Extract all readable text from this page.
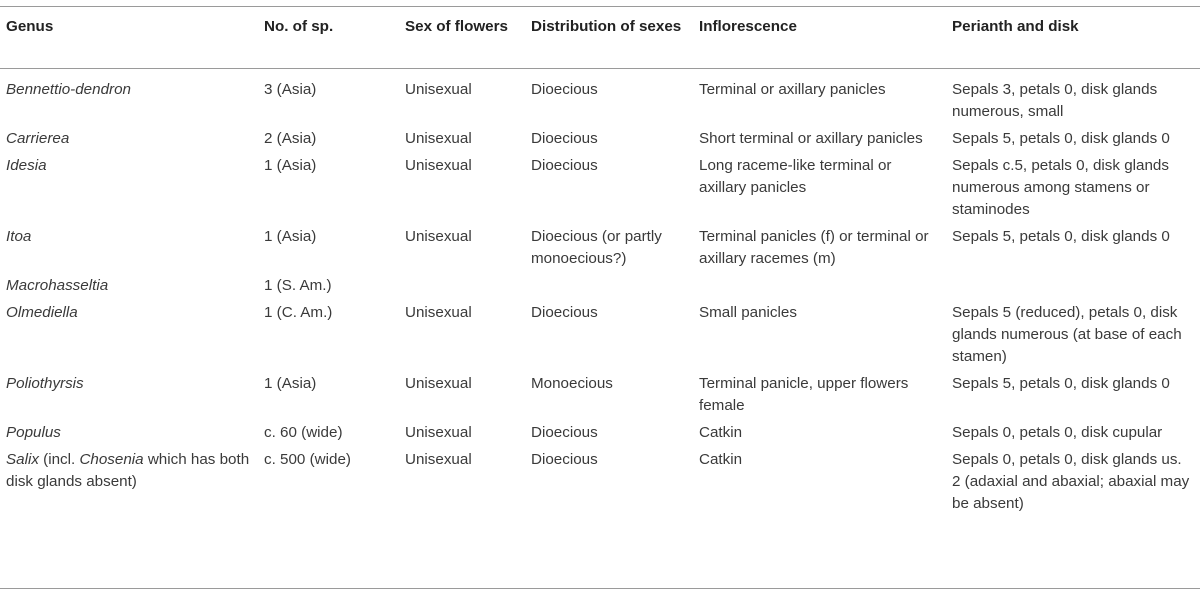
Genus	No. of sp.	Sex of flowers	Distribution of sexes	Inflorescence	Perianth and disk
Bennettio-dendron	3 (Asia)	Unisexual	Dioecious	Terminal or axillary panicles	Sepals 3, petals 0, disk glands numerous, small
Carrierea	2 (Asia)	Unisexual	Dioecious	Short terminal or axillary panicles	Sepals 5, petals 0, disk glands 0
Idesia	1 (Asia)	Unisexual	Dioecious	Long raceme-like terminal or axillary panicles	Sepals c.5, petals 0, disk glands numerous among stamens or staminodes
Itoa	1 (Asia)	Unisexual	Dioecious (or partly monoecious?)	Terminal panicles (f) or terminal or axillary racemes (m)	Sepals 5, petals 0, disk glands 0
Macrohasseltia	1 (S. Am.)				
Olmediella	1 (C. Am.)	Unisexual	Dioecious	Small panicles	Sepals 5 (reduced), petals 0, disk glands numerous (at base of each stamen)
Poliothyrsis	1 (Asia)	Unisexual	Monoecious	Terminal panicle, upper flowers female	Sepals 5, petals 0, disk glands 0
Populus	c. 60 (wide)	Unisexual	Dioecious	Catkin	Sepals 0, petals 0, disk cupular
Salix (incl. Chosenia which has both disk glands absent)	c. 500 (wide)	Unisexual	Dioecious	Catkin	Sepals 0, petals 0, disk glands us. 2 (adaxial and abaxial; abaxial may be absent)
